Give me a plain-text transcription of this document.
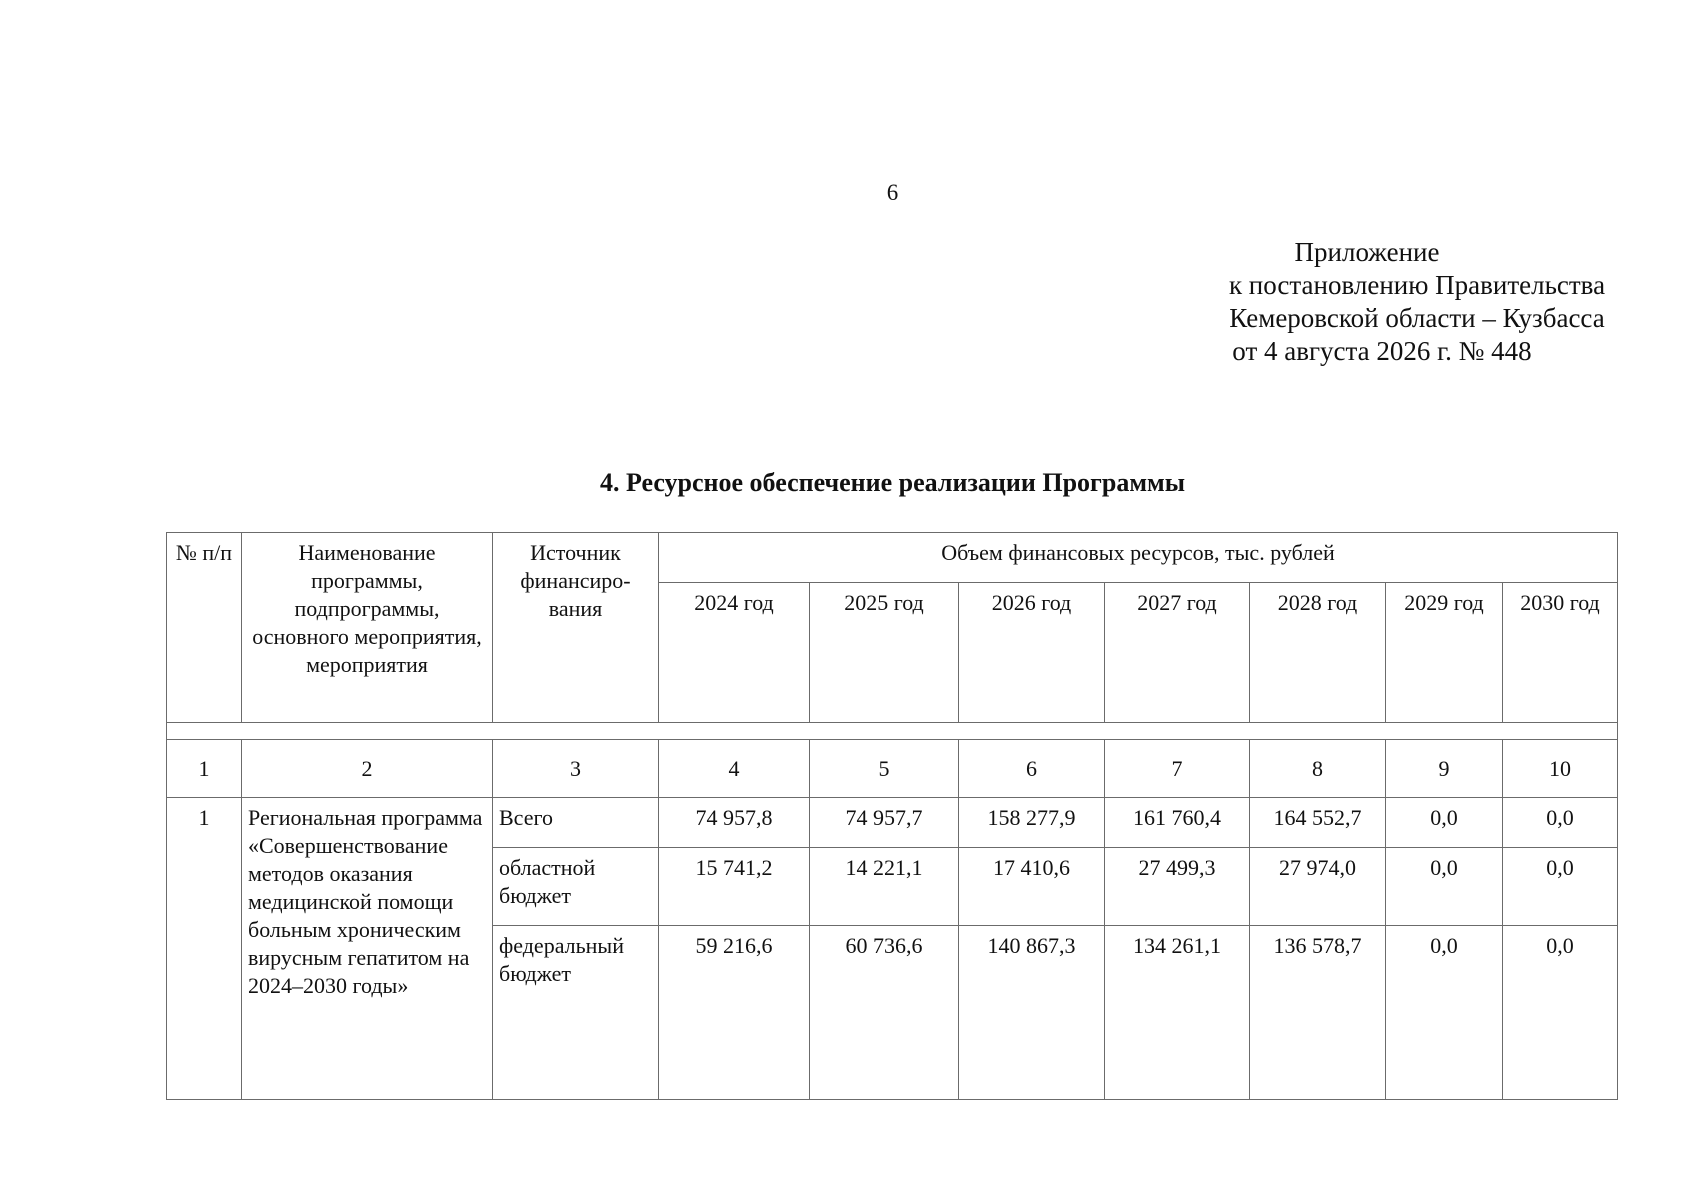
6
Приложение
к постановлению Правительства
Кемеровской области – Кузбасса
от 4 августа 2026 г. № 448
4. Ресурсное обеспечение реализации Программы
№ п/п	Наименование программы, подпрограммы, основного мероприятия, мероприятия	Источник финансиро-вания	Объем финансовых ресурсов, тыс. рублей						
			2024 год	2025 год	2026 год	2027 год	2028 год	2029 год	2030 год

1	2	3	4	5	6	7	8	9	10
1	Региональная программа «Совершенствование методов оказания медицинской помощи больным хроническим вирусным гепатитом на 2024–2030 годы»	Всего	74 957,8	74 957,7	158 277,9	161 760,4	164 552,7	0,0	0,0
		областной бюджет	15 741,2	14 221,1	17 410,6	27 499,3	27 974,0	0,0	0,0
		федеральный бюджет	59 216,6	60 736,6	140 867,3	134 261,1	136 578,7	0,0	0,0
